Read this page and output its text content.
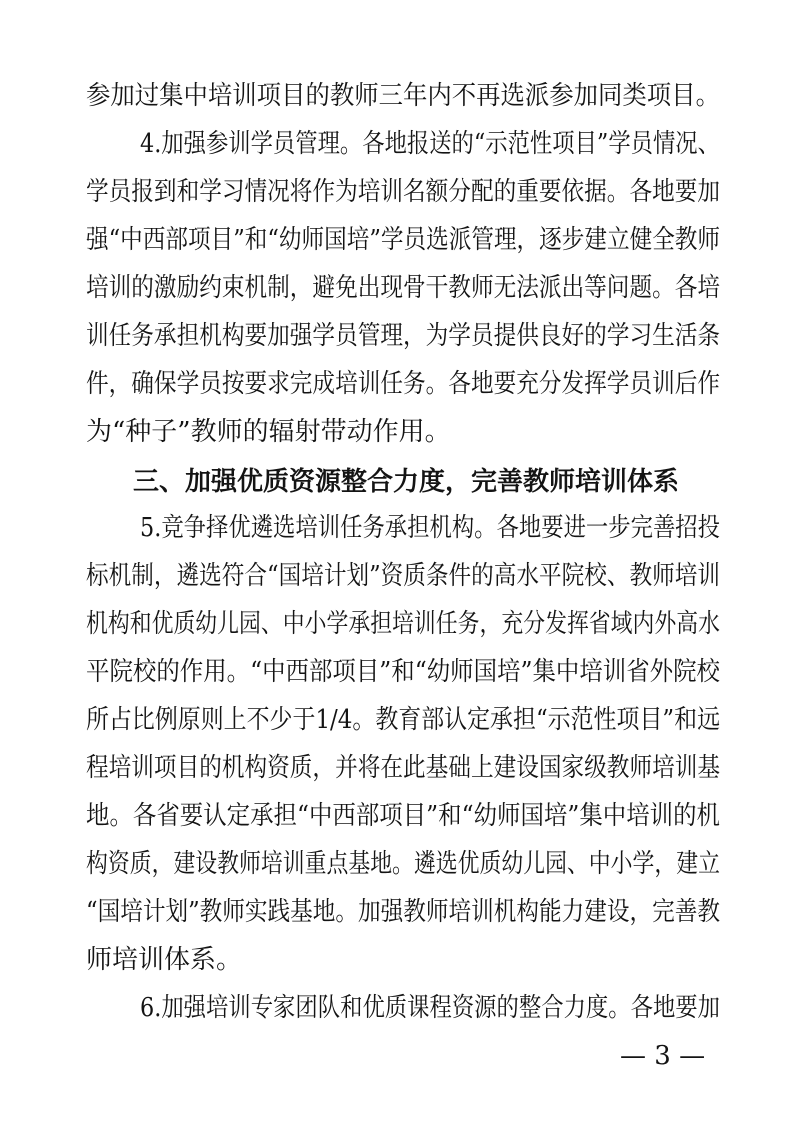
参加过集中培训项目的教师三年内不再选派参加同类项目。
4.加强参训学员管理。各地报送的“示范性项目”学员情况、
学员报到和学习情况将作为培训名额分配的重要依据。各地要加
强“中西部项目”和“幼师国培”学员选派管理，逐步建立健全教师
培训的激励约束机制，避免出现骨干教师无法派出等问题。各培
训任务承担机构要加强学员管理，为学员提供良好的学习生活条
件，确保学员按要求完成培训任务。各地要充分发挥学员训后作
为“种子”教师的辐射带动作用。
三、加强优质资源整合力度，完善教师培训体系
5.竞争择优遴选培训任务承担机构。各地要进一步完善招投
标机制，遴选符合“国培计划”资质条件的高水平院校、教师培训
机构和优质幼儿园、中小学承担培训任务，充分发挥省域内外高水
平院校的作用。“中西部项目”和“幼师国培”集中培训省外院校
所占比例原则上不少于1/4。教育部认定承担“示范性项目”和远
程培训项目的机构资质，并将在此基础上建设国家级教师培训基
地。各省要认定承担“中西部项目”和“幼师国培”集中培训的机
构资质，建设教师培训重点基地。遴选优质幼儿园、中小学，建立
“国培计划”教师实践基地。加强教师培训机构能力建设，完善教
师培训体系。
6.加强培训专家团队和优质课程资源的整合力度。各地要加
— 3 —
